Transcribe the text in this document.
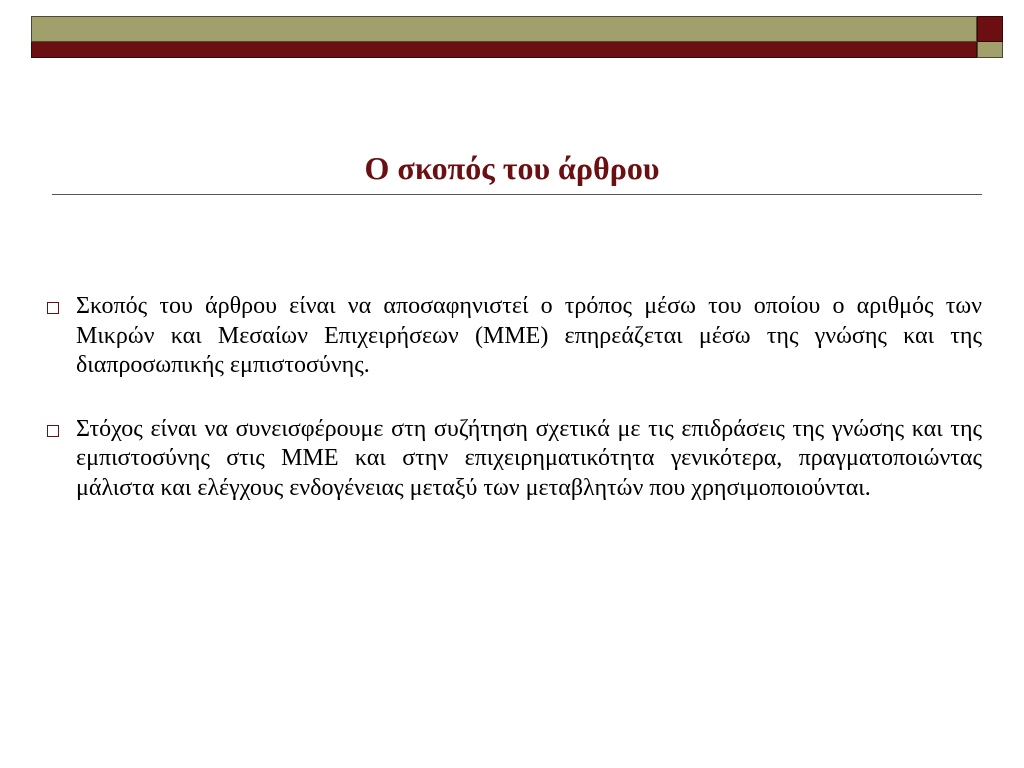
Ο σκοπός του άρθρου

Σκοπός του άρθρου είναι να αποσαφηνιστεί ο τρόπος μέσω του οποίου ο αριθμός των Μικρών και Μεσαίων Επιχειρήσεων (ΜΜΕ) επηρεάζεται μέσω της γνώσης και της διαπροσωπικής εμπιστοσύνης.

Στόχος είναι να συνεισφέρουμε στη συζήτηση σχετικά με τις επιδράσεις της γνώσης και της εμπιστοσύνης στις ΜΜΕ και στην επιχειρηματικότητα γενικότερα, πραγματοποιώντας μάλιστα και ελέγχους ενδογένειας μεταξύ των μεταβλητών που χρησιμοποιούνται.
